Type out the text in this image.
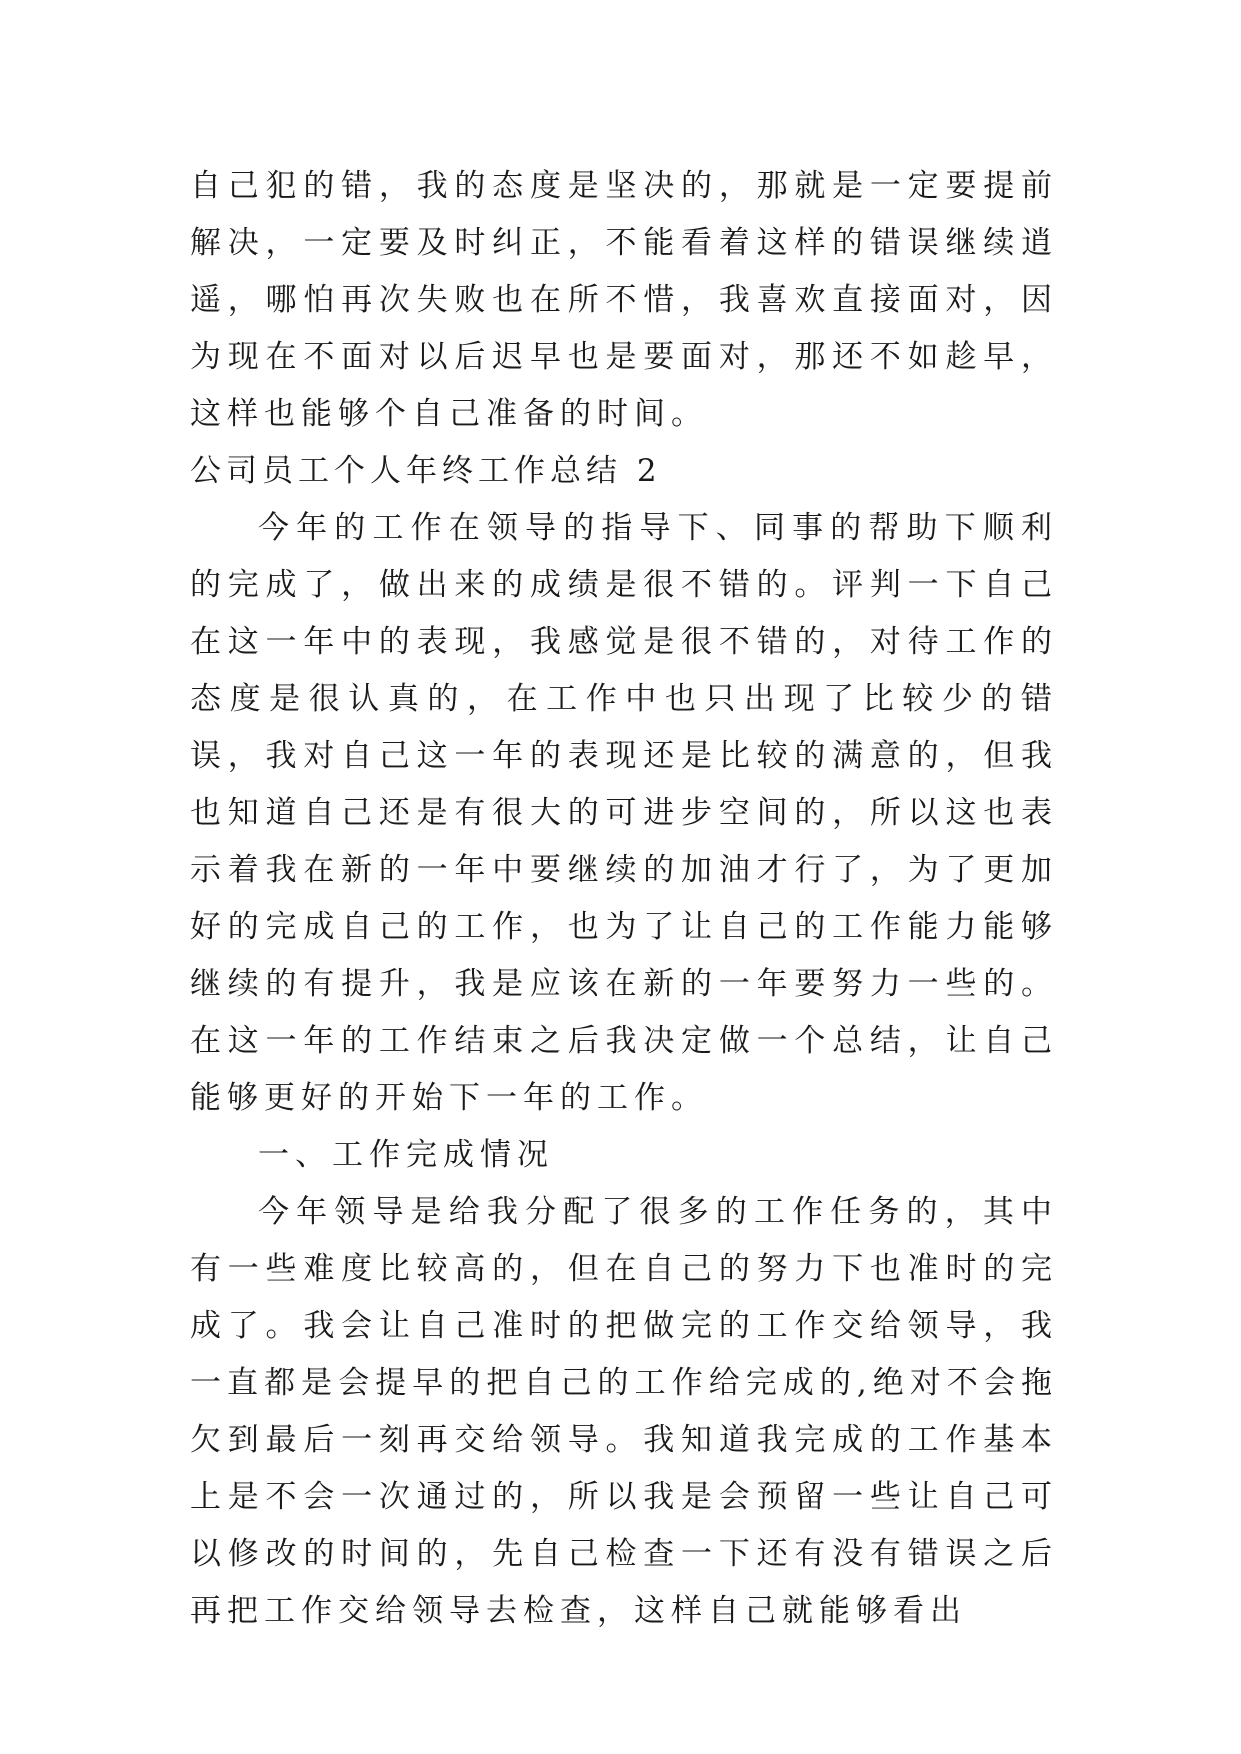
自己犯的错，我的态度是坚决的，那就是一定要提前解决，一定要及时纠正，不能看着这样的错误继续逍遥，哪怕再次失败也在所不惜，我喜欢直接面对，因为现在不面对以后迟早也是要面对，那还不如趁早，这样也能够个自己准备的时间。

公司员工个人年终工作总结 2

今年的工作在领导的指导下、同事的帮助下顺利的完成了，做出来的成绩是很不错的。评判一下自己在这一年中的表现，我感觉是很不错的，对待工作的态度是很认真的，在工作中也只出现了比较少的错误，我对自己这一年的表现还是比较的满意的，但我也知道自己还是有很大的可进步空间的，所以这也表示着我在新的一年中要继续的加油才行了，为了更加好的完成自己的工作，也为了让自己的工作能力能够继续的有提升，我是应该在新的一年要努力一些的。在这一年的工作结束之后我决定做一个总结，让自己能够更好的开始下一年的工作。

一、工作完成情况

今年领导是给我分配了很多的工作任务的，其中有一些难度比较高的，但在自己的努力下也准时的完成了。我会让自己准时的把做完的工作交给领导，我一直都是会提早的把自己的工作给完成的,绝对不会拖欠到最后一刻再交给领导。我知道我完成的工作基本上是不会一次通过的，所以我是会预留一些让自己可以修改的时间的，先自己检查一下还有没有错误之后再把工作交给领导去检查，这样自己就能够看出
